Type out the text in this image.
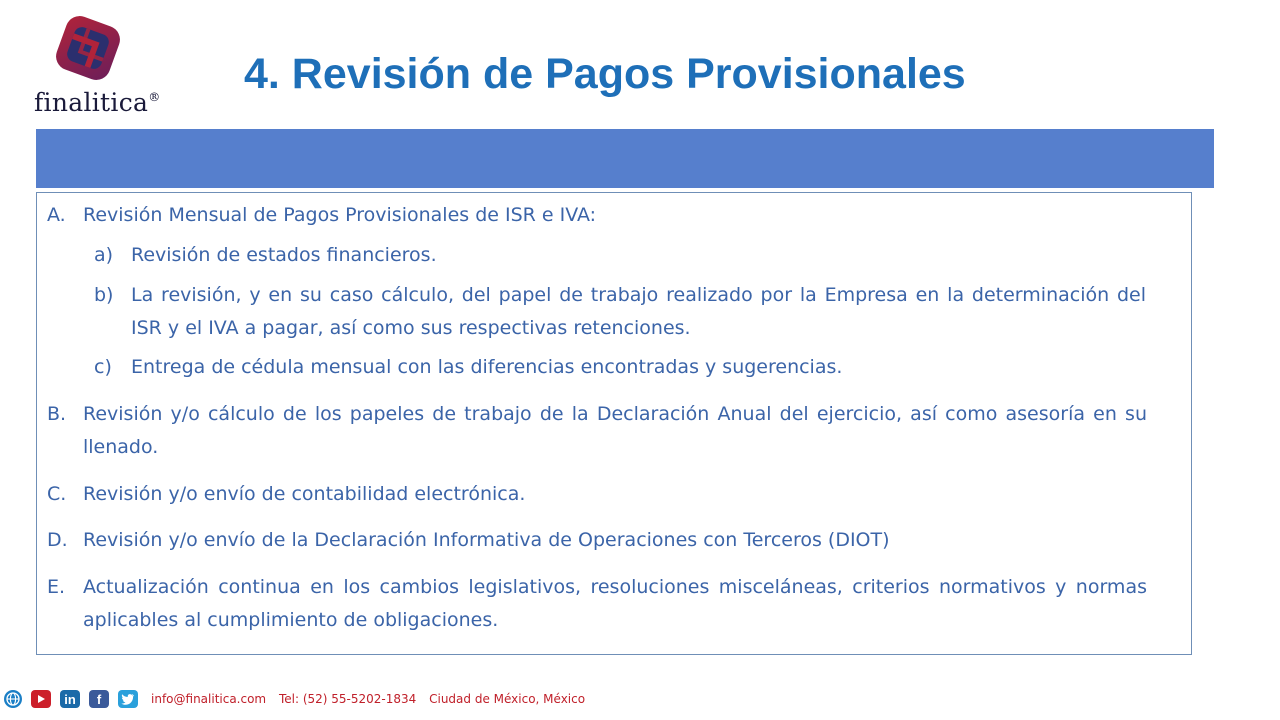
finalitica® 4. Revisión de Pagos Provisionales
A. Revisión Mensual de Pagos Provisionales de ISR e IVA:
a) Revisión de estados financieros.
b) La revisión, y en su caso cálculo, del papel de trabajo realizado por la Empresa en la determinación del ISR y el IVA a pagar, así como sus respectivas retenciones.
c) Entrega de cédula mensual con las diferencias encontradas y sugerencias.
B. Revisión y/o cálculo de los papeles de trabajo de la Declaración Anual del ejercicio, así como asesoría en su llenado.
C. Revisión y/o envío de contabilidad electrónica.
D. Revisión y/o envío de la Declaración Informativa de Operaciones con Terceros (DIOT)
E. Actualización continua en los cambios legislativos, resoluciones misceláneas, criterios normativos y normas aplicables al cumplimiento de obligaciones.
in	f	info@finalitica.com Tel: (52) 55-5202-1834 Ciudad de México, México
